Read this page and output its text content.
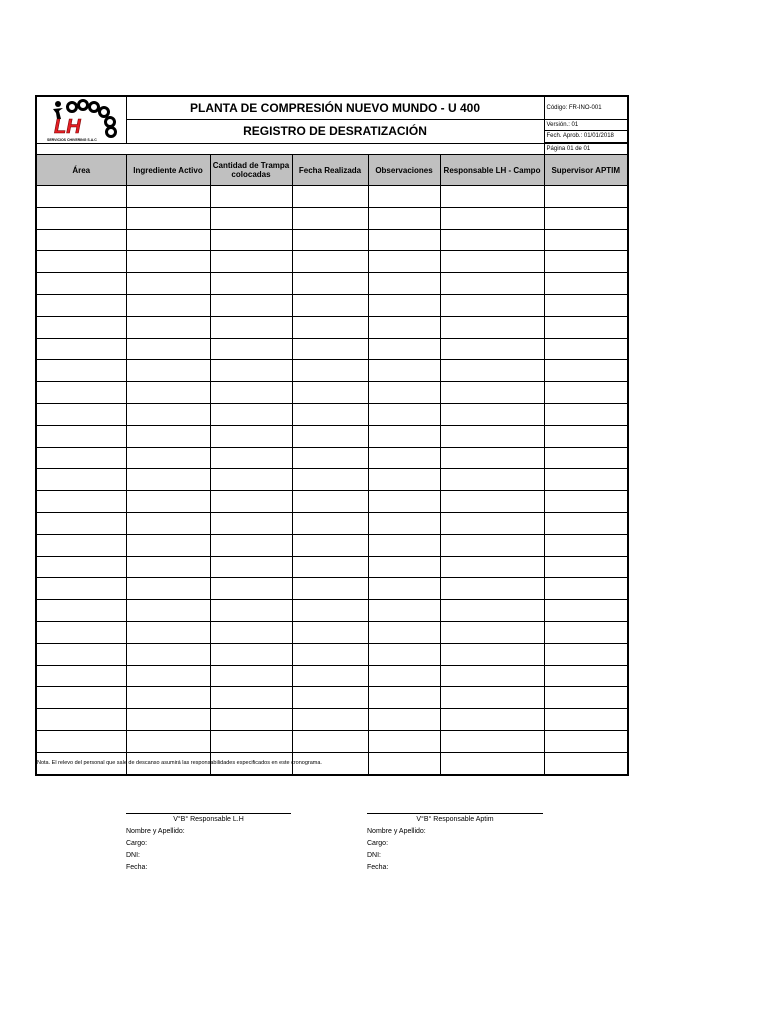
LH
SERVICIOS CHIVERING S.A.C	PLANTA DE COMPRESIÓN NUEVO MUNDO - U 400					Código: FR-INO-001
	REGISTRO DE DESRATIZACIÓN					Versión.: 01
Fech. Aprob.: 01/01/2018

						Página 01 de 01
Área	Ingrediente Activo	Cantidad de Trampa colocadas	Fecha Realizada	Observaciones	Responsable LH - Campo	Supervisor APTIM

Nota. El relevo del personal que sale de descanso asumirá las responsabilidades especificados en este cronograma.
V°B° Responsable L.H
Nombre y Apellido:
Cargo:
DNI:
Fecha:
V°B° Responsable Aptim
Nombre y Apellido:
Cargo:
DNI:
Fecha:
